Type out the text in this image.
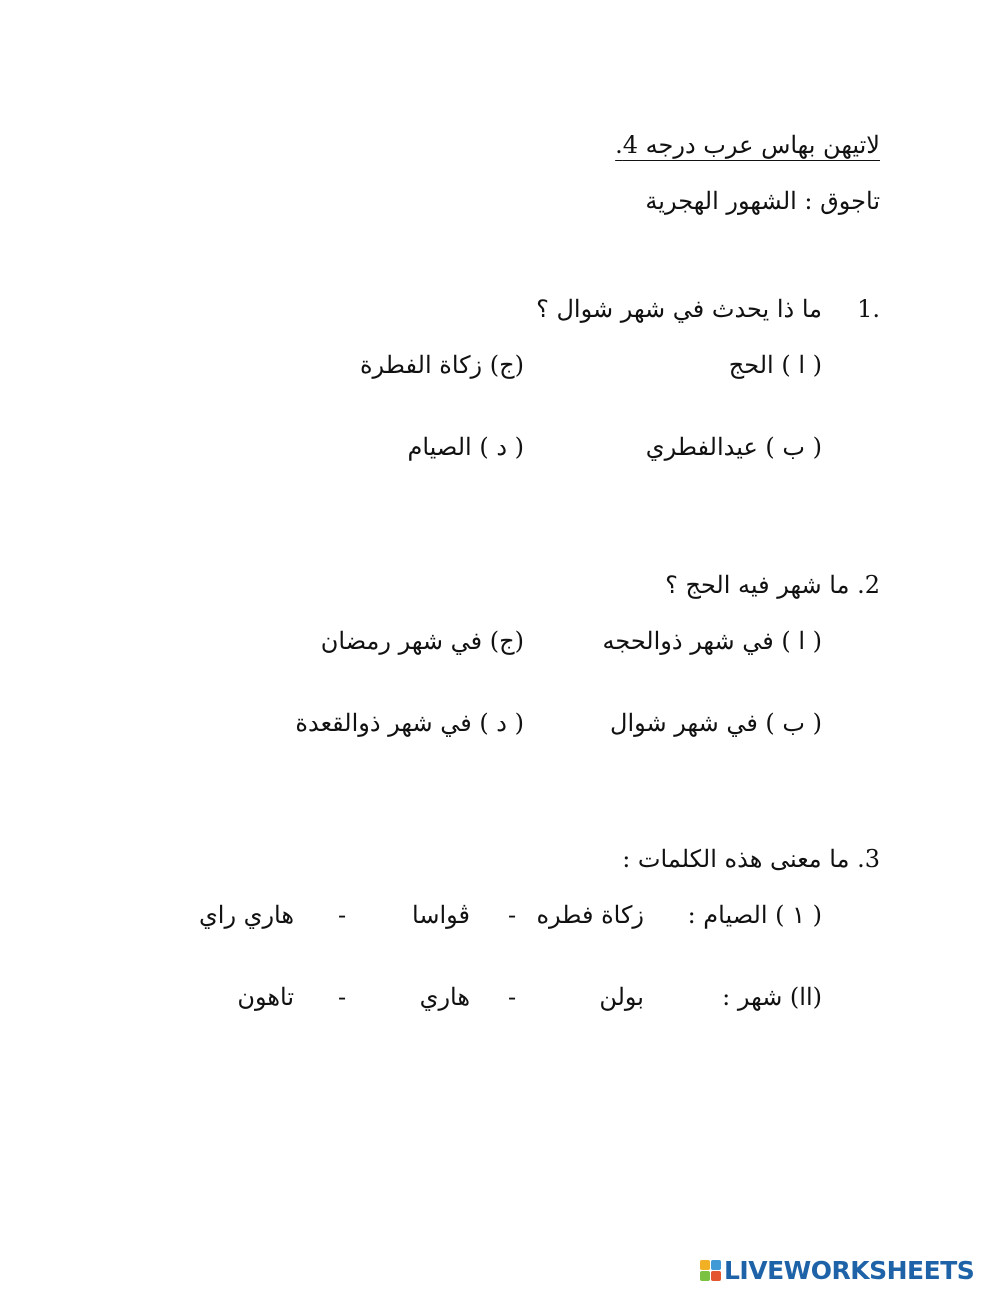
لاتيهن بهاس عرب درجه 4.
تاجوق : الشهور الهجرية
1.
ما ذا يحدث في شهر شوال ؟
( ا ) الحج
(ج) زكاة الفطرة
( ب ) عيدالفطري
( د ) الصيام
2. ما شهر فيه الحج ؟
( ا ) في شهر ذوالحجه
(ج) في شهر رمضان
( ب ) في شهر شوال
( د ) في شهر ذوالقعدة
3. ما معنى هذه الكلمات :
( ١ ) الصيام :
زكاة فطره
-
ڤواسا
-
هاري راي
(اا) شهر :
بولن
-
هاري
-
تاهون
LIVEWORKSHEETS
